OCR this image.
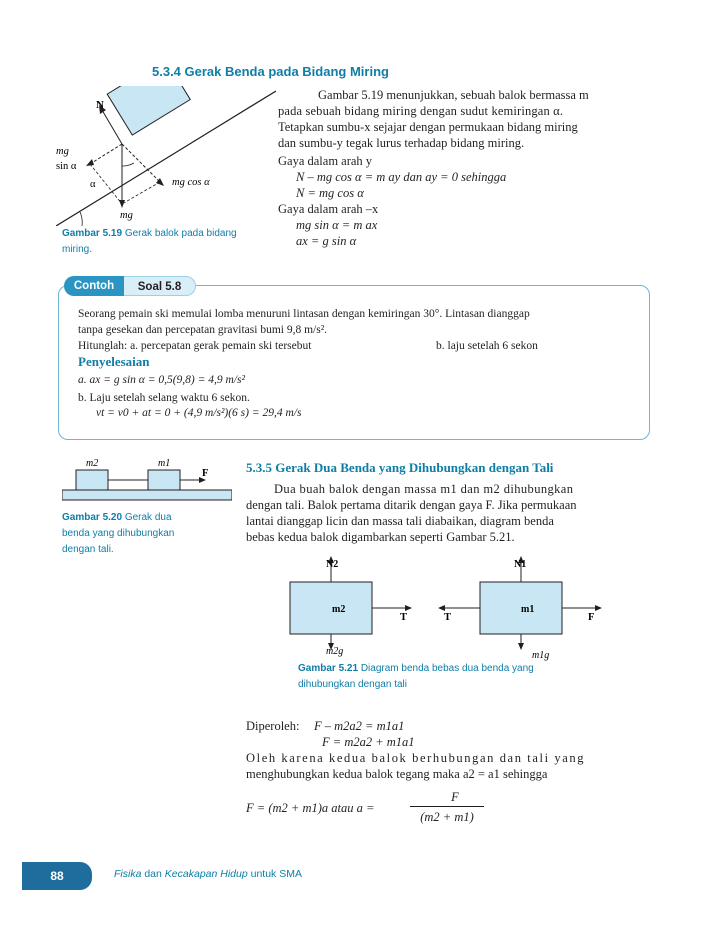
5.3.4 Gerak Benda pada Bidang Miring
N
mg
sin α
α	mg cos α
mg
Gambar 5.19 Gerak balok pada bidang
miring.
Gambar 5.19 menunjukkan, sebuah balok bermassa m
pada sebuah bidang miring dengan sudut kemiringan α.
Tetapkan sumbu-x sejajar dengan permukaan bidang miring
dan sumbu-y tegak lurus terhadap bidang miring.
Gaya dalam arah y
N – mg cos α = m ay dan ay = 0 sehingga
N = mg cos α
Gaya dalam arah –x
mg sin α = m ax
ax = g sin α
Contoh	Soal 5.8
Seorang pemain ski memulai lomba menuruni lintasan dengan kemiringan 30°. Lintasan dianggap
tanpa gesekan dan percepatan gravitasi bumi 9,8 m/s².
Hitunglah: a. percepatan gerak pemain ski tersebut	b. laju setelah 6 sekon
Penyelesaian
a. ax = g sin α = 0,5(9,8) = 4,9 m/s²
b. Laju setelah selang waktu 6 sekon.
vt = v0 + at = 0 + (4,9 m/s²)(6 s) = 29,4 m/s
m2	m1
F
Gambar 5.20 Gerak dua
benda yang dihubungkan
dengan tali.
5.3.5 Gerak Dua Benda yang Dihubungkan dengan Tali
Dua buah balok dengan massa m1 dan m2 dihubungkan
dengan tali. Balok pertama ditarik dengan gaya F. Jika permukaan
lantai dianggap licin dan massa tali diabaikan, diagram benda
bebas kedua balok digambarkan seperti Gambar 5.21.
N2	N1
m2	m1
T	T	F
m2g	m1g
Gambar 5.21 Diagram benda bebas dua benda yang
dihubungkan dengan tali
Diperoleh: F – m2a2 = m1a1
F = m2a2 + m1a1
Oleh karena kedua balok berhubungan dan tali yang
menghubungkan kedua balok tegang maka a2 = a1 sehingga
F = (m2 + m1)a atau a =
F
(m2 + m1)
88	Fisika dan Kecakapan Hidup untuk SMA
